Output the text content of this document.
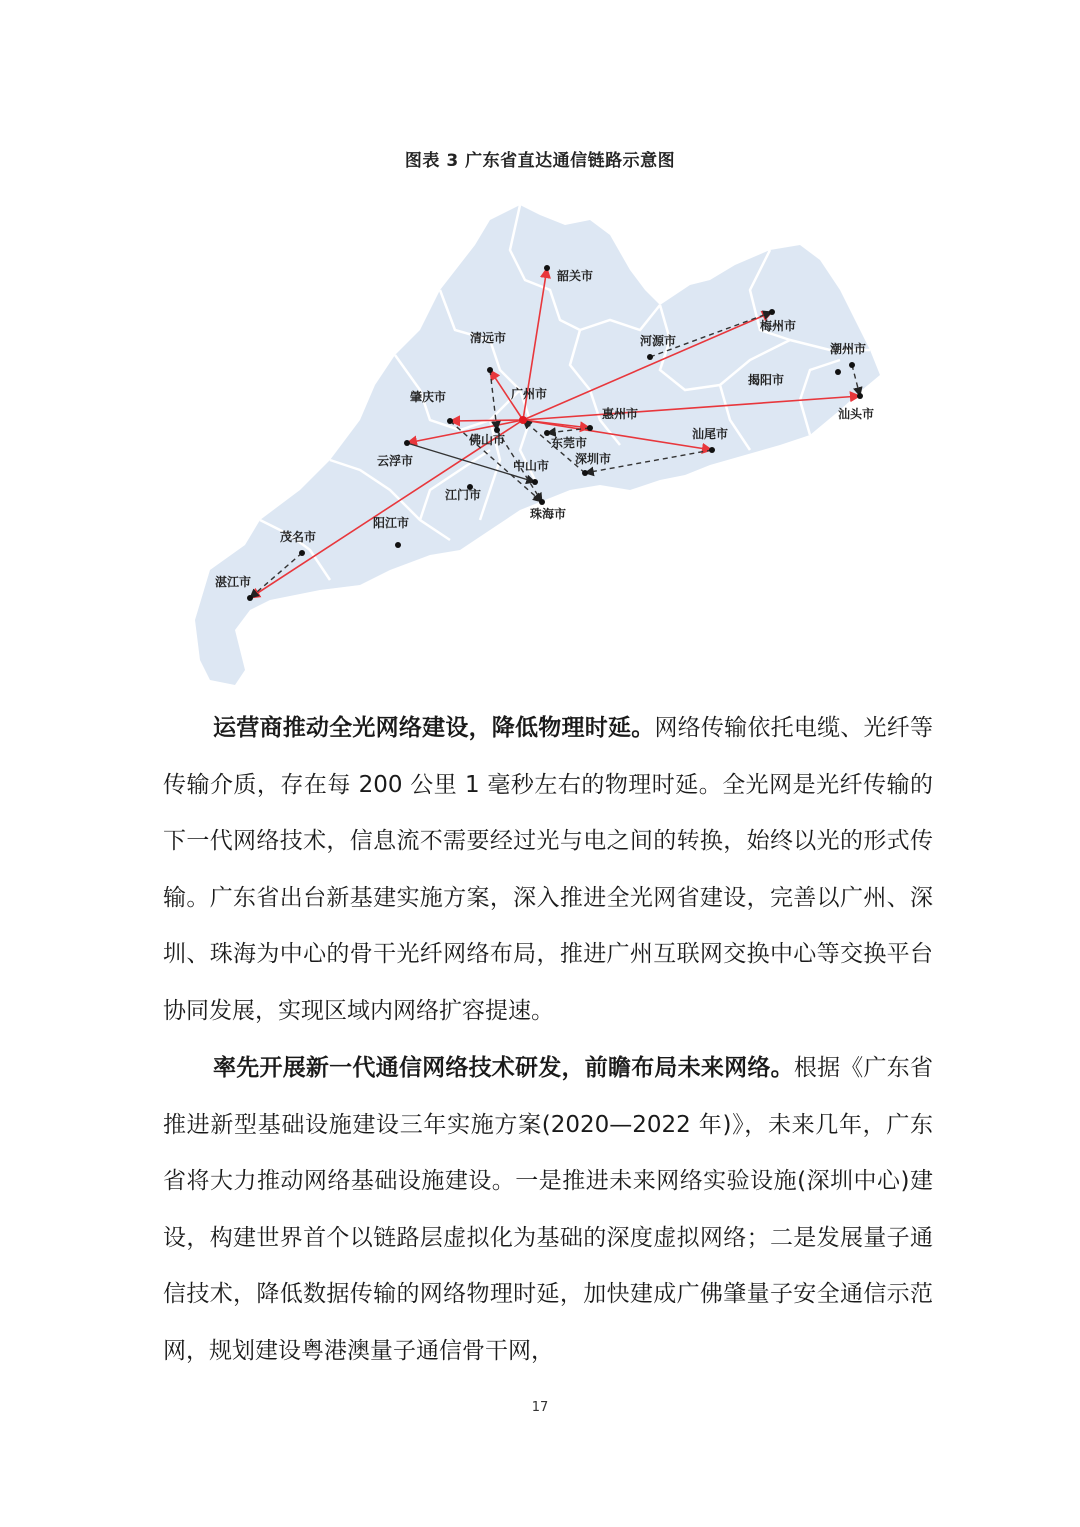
图表 3 广东省直达通信链路示意图
韶关市
清远市
广州市
肇庆市
佛山市
云浮市
东莞市
深圳市
惠州市
河源市
梅州市
潮州市
揭阳市
汕头市
汕尾市
中山市
江门市
珠海市
阳江市
茂名市
湛江市

运营商推动全光网络建设，降低物理时延。网络传输依托电缆、光纤等传输介质，存在每 200 公里 1 毫秒左右的物理时延。全光网是光纤传输的下一代网络技术，信息流不需要经过光与电之间的转换，始终以光的形式传输。广东省出台新基建实施方案，深入推进全光网省建设，完善以广州、深圳、珠海为中心的骨干光纤网络布局，推进广州互联网交换中心等交换平台协同发展，实现区域内网络扩容提速。

率先开展新一代通信网络技术研发，前瞻布局未来网络。根据《广东省推进新型基础设施建设三年实施方案(2020—2022 年)》，未来几年，广东省将大力推动网络基础设施建设。一是推进未来网络实验设施(深圳中心)建设，构建世界首个以链路层虚拟化为基础的深度虚拟网络；二是发展量子通信技术，降低数据传输的网络物理时延，加快建成广佛肇量子安全通信示范网，规划建设粤港澳量子通信骨干网，

17
